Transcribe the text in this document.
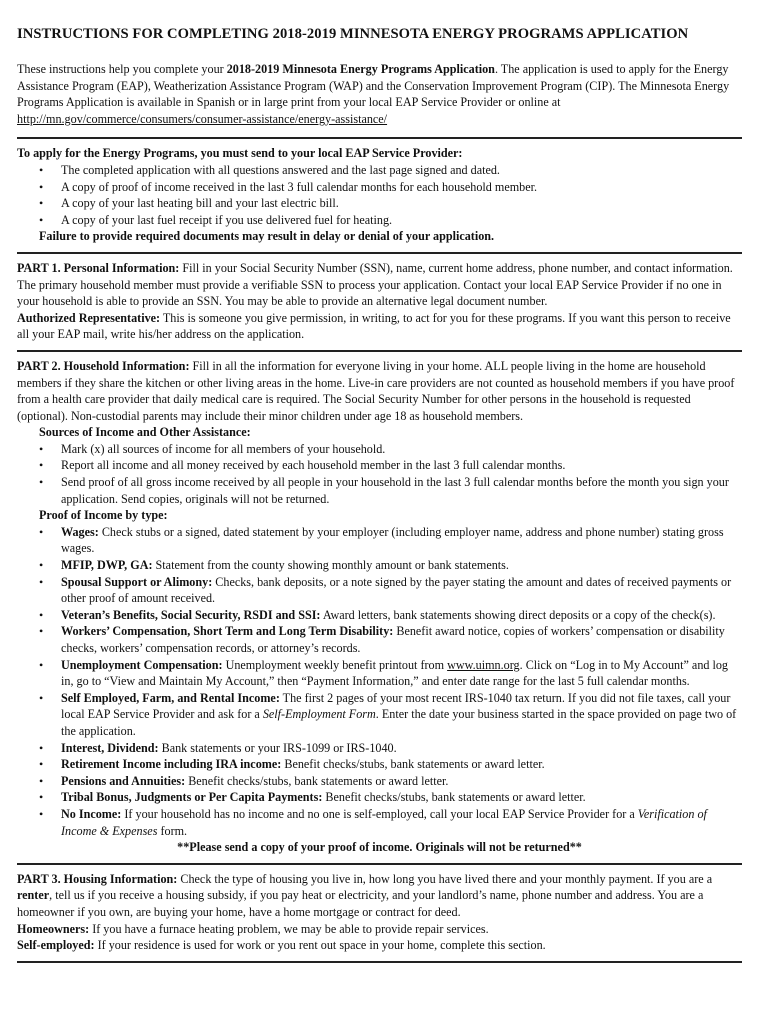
INSTRUCTIONS FOR COMPLETING 2018-2019 MINNESOTA ENERGY PROGRAMS APPLICATION

These instructions help you complete your 2018-2019 Minnesota Energy Programs Application. The application is used to apply for the Energy Assistance Program (EAP), Weatherization Assistance Program (WAP) and the Conservation Improvement Program (CIP). The Minnesota Energy Programs Application is available in Spanish or in large print from your local EAP Service Provider or online at http://mn.gov/commerce/consumers/consumer-assistance/energy-assistance/

To apply for the Energy Programs, you must send to your local EAP Service Provider:

• The completed application with all questions answered and the last page signed and dated.
• A copy of proof of income received in the last 3 full calendar months for each household member.
• A copy of your last heating bill and your last electric bill.
• A copy of your last fuel receipt if you use delivered fuel for heating.

Failure to provide required documents may result in delay or denial of your application.

PART 1. Personal Information: Fill in your Social Security Number (SSN), name, current home address, phone number, and contact information. The primary household member must provide a verifiable SSN to process your application. Contact your local EAP Service Provider if no one in your household is able to provide an SSN. You may be able to provide an alternative legal document number.

Authorized Representative: This is someone you give permission, in writing, to act for you for these programs. If you want this person to receive all your EAP mail, write his/her address on the application.

PART 2. Household Information: Fill in all the information for everyone living in your home. ALL people living in the home are household members if they share the kitchen or other living areas in the home. Live-in care providers are not counted as household members if you have proof from a health care provider that daily medical care is required. The Social Security Number for other persons in the household is requested (optional). Non-custodial parents may include their minor children under age 18 as household members.

Sources of Income and Other Assistance:

• Mark (x) all sources of income for all members of your household.
• Report all income and all money received by each household member in the last 3 full calendar months.
• Send proof of all gross income received by all people in your household in the last 3 full calendar months before the month you sign your application. Send copies, originals will not be returned.

Proof of Income by type:

• Wages: Check stubs or a signed, dated statement by your employer (including employer name, address and phone number) stating gross wages.
• MFIP, DWP, GA: Statement from the county showing monthly amount or bank statements.
• Spousal Support or Alimony: Checks, bank deposits, or a note signed by the payer stating the amount and dates of received payments or other proof of amount received.
• Veteran’s Benefits, Social Security, RSDI and SSI: Award letters, bank statements showing direct deposits or a copy of the check(s).
• Workers’ Compensation, Short Term and Long Term Disability: Benefit award notice, copies of workers’ compensation or disability checks, workers’ compensation records, or attorney’s records.
• Unemployment Compensation: Unemployment weekly benefit printout from www.uimn.org. Click on “Log in to My Account” and log in, go to “View and Maintain My Account,” then “Payment Information,” and enter date range for the last 5 full calendar months.
• Self Employed, Farm, and Rental Income: The first 2 pages of your most recent IRS-1040 tax return. If you did not file taxes, call your local EAP Service Provider and ask for a Self-Employment Form. Enter the date your business started in the space provided on page two of the application.
• Interest, Dividend: Bank statements or your IRS-1099 or IRS-1040.
• Retirement Income including IRA income: Benefit checks/stubs, bank statements or award letter.
• Pensions and Annuities: Benefit checks/stubs, bank statements or award letter.
• Tribal Bonus, Judgments or Per Capita Payments: Benefit checks/stubs, bank statements or award letter.
• No Income: If your household has no income and no one is self-employed, call your local EAP Service Provider for a Verification of Income & Expenses form.

**Please send a copy of your proof of income. Originals will not be returned**

PART 3. Housing Information: Check the type of housing you live in, how long you have lived there and your monthly payment. If you are a renter, tell us if you receive a housing subsidy, if you pay heat or electricity, and your landlord’s name, phone number and address. You are a homeowner if you own, are buying your home, have a home mortgage or contract for deed.

Homeowners: If you have a furnace heating problem, we may be able to provide repair services.

Self-employed: If your residence is used for work or you rent out space in your home, complete this section.
